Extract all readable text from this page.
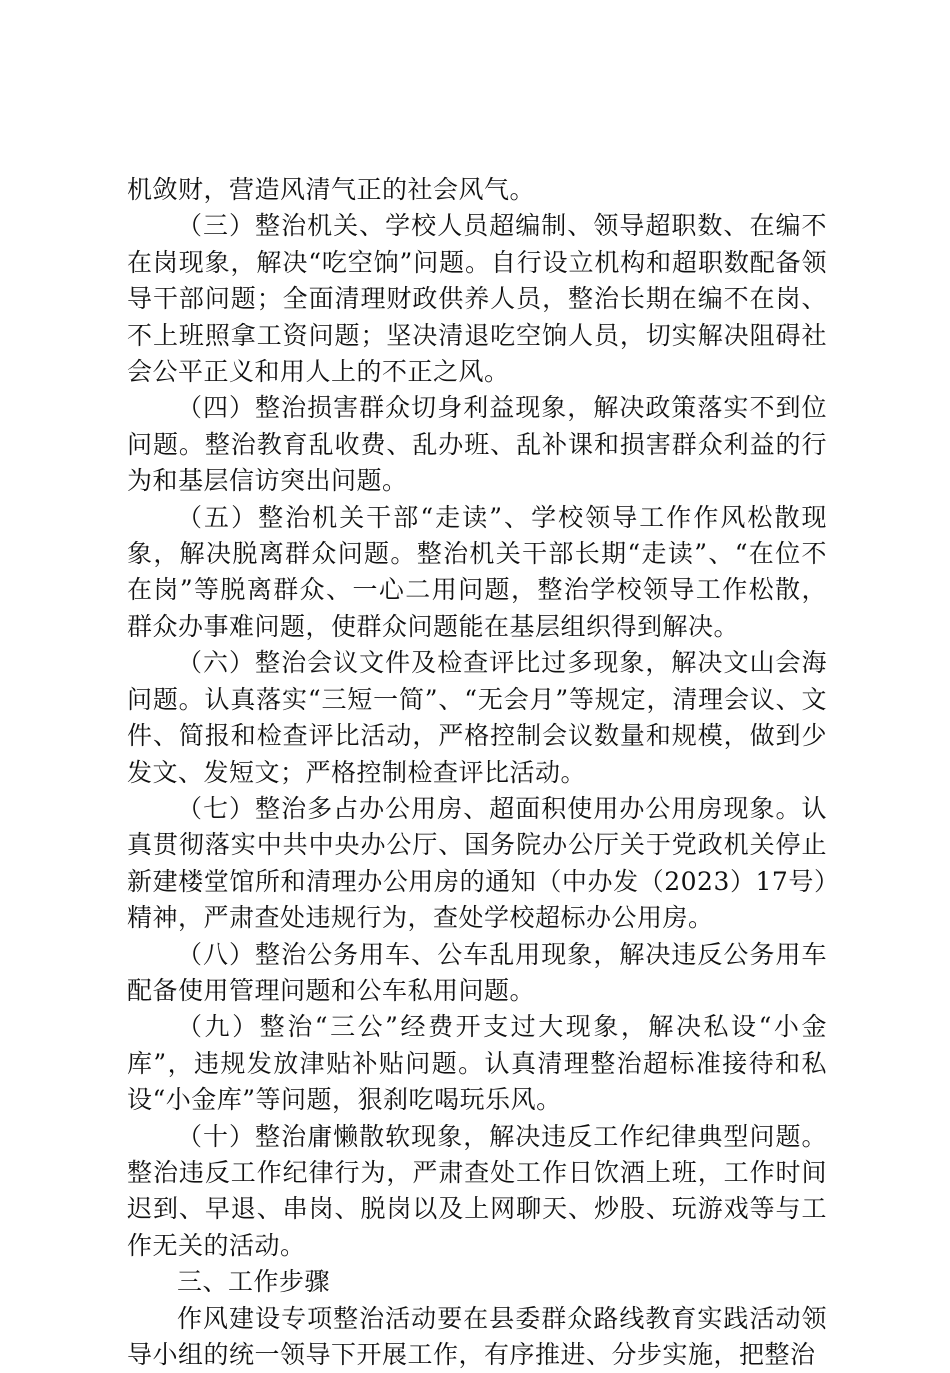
机敛财，营造风清气正的社会风气。

（三）整治机关、学校人员超编制、领导超职数、在编不在岗现象，解决“吃空饷”问题。自行设立机构和超职数配备领导干部问题；全面清理财政供养人员，整治长期在编不在岗、不上班照拿工资问题；坚决清退吃空饷人员，切实解决阻碍社会公平正义和用人上的不正之风。

（四）整治损害群众切身利益现象，解决政策落实不到位问题。整治教育乱收费、乱办班、乱补课和损害群众利益的行为和基层信访突出问题。

（五）整治机关干部“走读”、学校领导工作作风松散现象，解决脱离群众问题。整治机关干部长期“走读”、“在位不在岗”等脱离群众、一心二用问题，整治学校领导工作松散，群众办事难问题，使群众问题能在基层组织得到解决。

（六）整治会议文件及检查评比过多现象，解决文山会海问题。认真落实“三短一简”、“无会月”等规定，清理会议、文件、简报和检查评比活动，严格控制会议数量和规模，做到少发文、发短文；严格控制检查评比活动。

（七）整治多占办公用房、超面积使用办公用房现象。认真贯彻落实中共中央办公厅、国务院办公厅关于党政机关停止新建楼堂馆所和清理办公用房的通知（中办发（2023）17号）精神，严肃查处违规行为，查处学校超标办公用房。

（八）整治公务用车、公车乱用现象，解决违反公务用车配备使用管理问题和公车私用问题。

（九）整治“三公”经费开支过大现象，解决私设“小金库”，违规发放津贴补贴问题。认真清理整治超标准接待和私设“小金库”等问题，狠刹吃喝玩乐风。

（十）整治庸懒散软现象，解决违反工作纪律典型问题。整治违反工作纪律行为，严肃查处工作日饮酒上班，工作时间迟到、早退、串岗、脱岗以及上网聊天、炒股、玩游戏等与工作无关的活动。

三、工作步骤

作风建设专项整治活动要在县委群众路线教育实践活动领导小组的统一领导下开展工作，有序推进、分步实施，把整治
